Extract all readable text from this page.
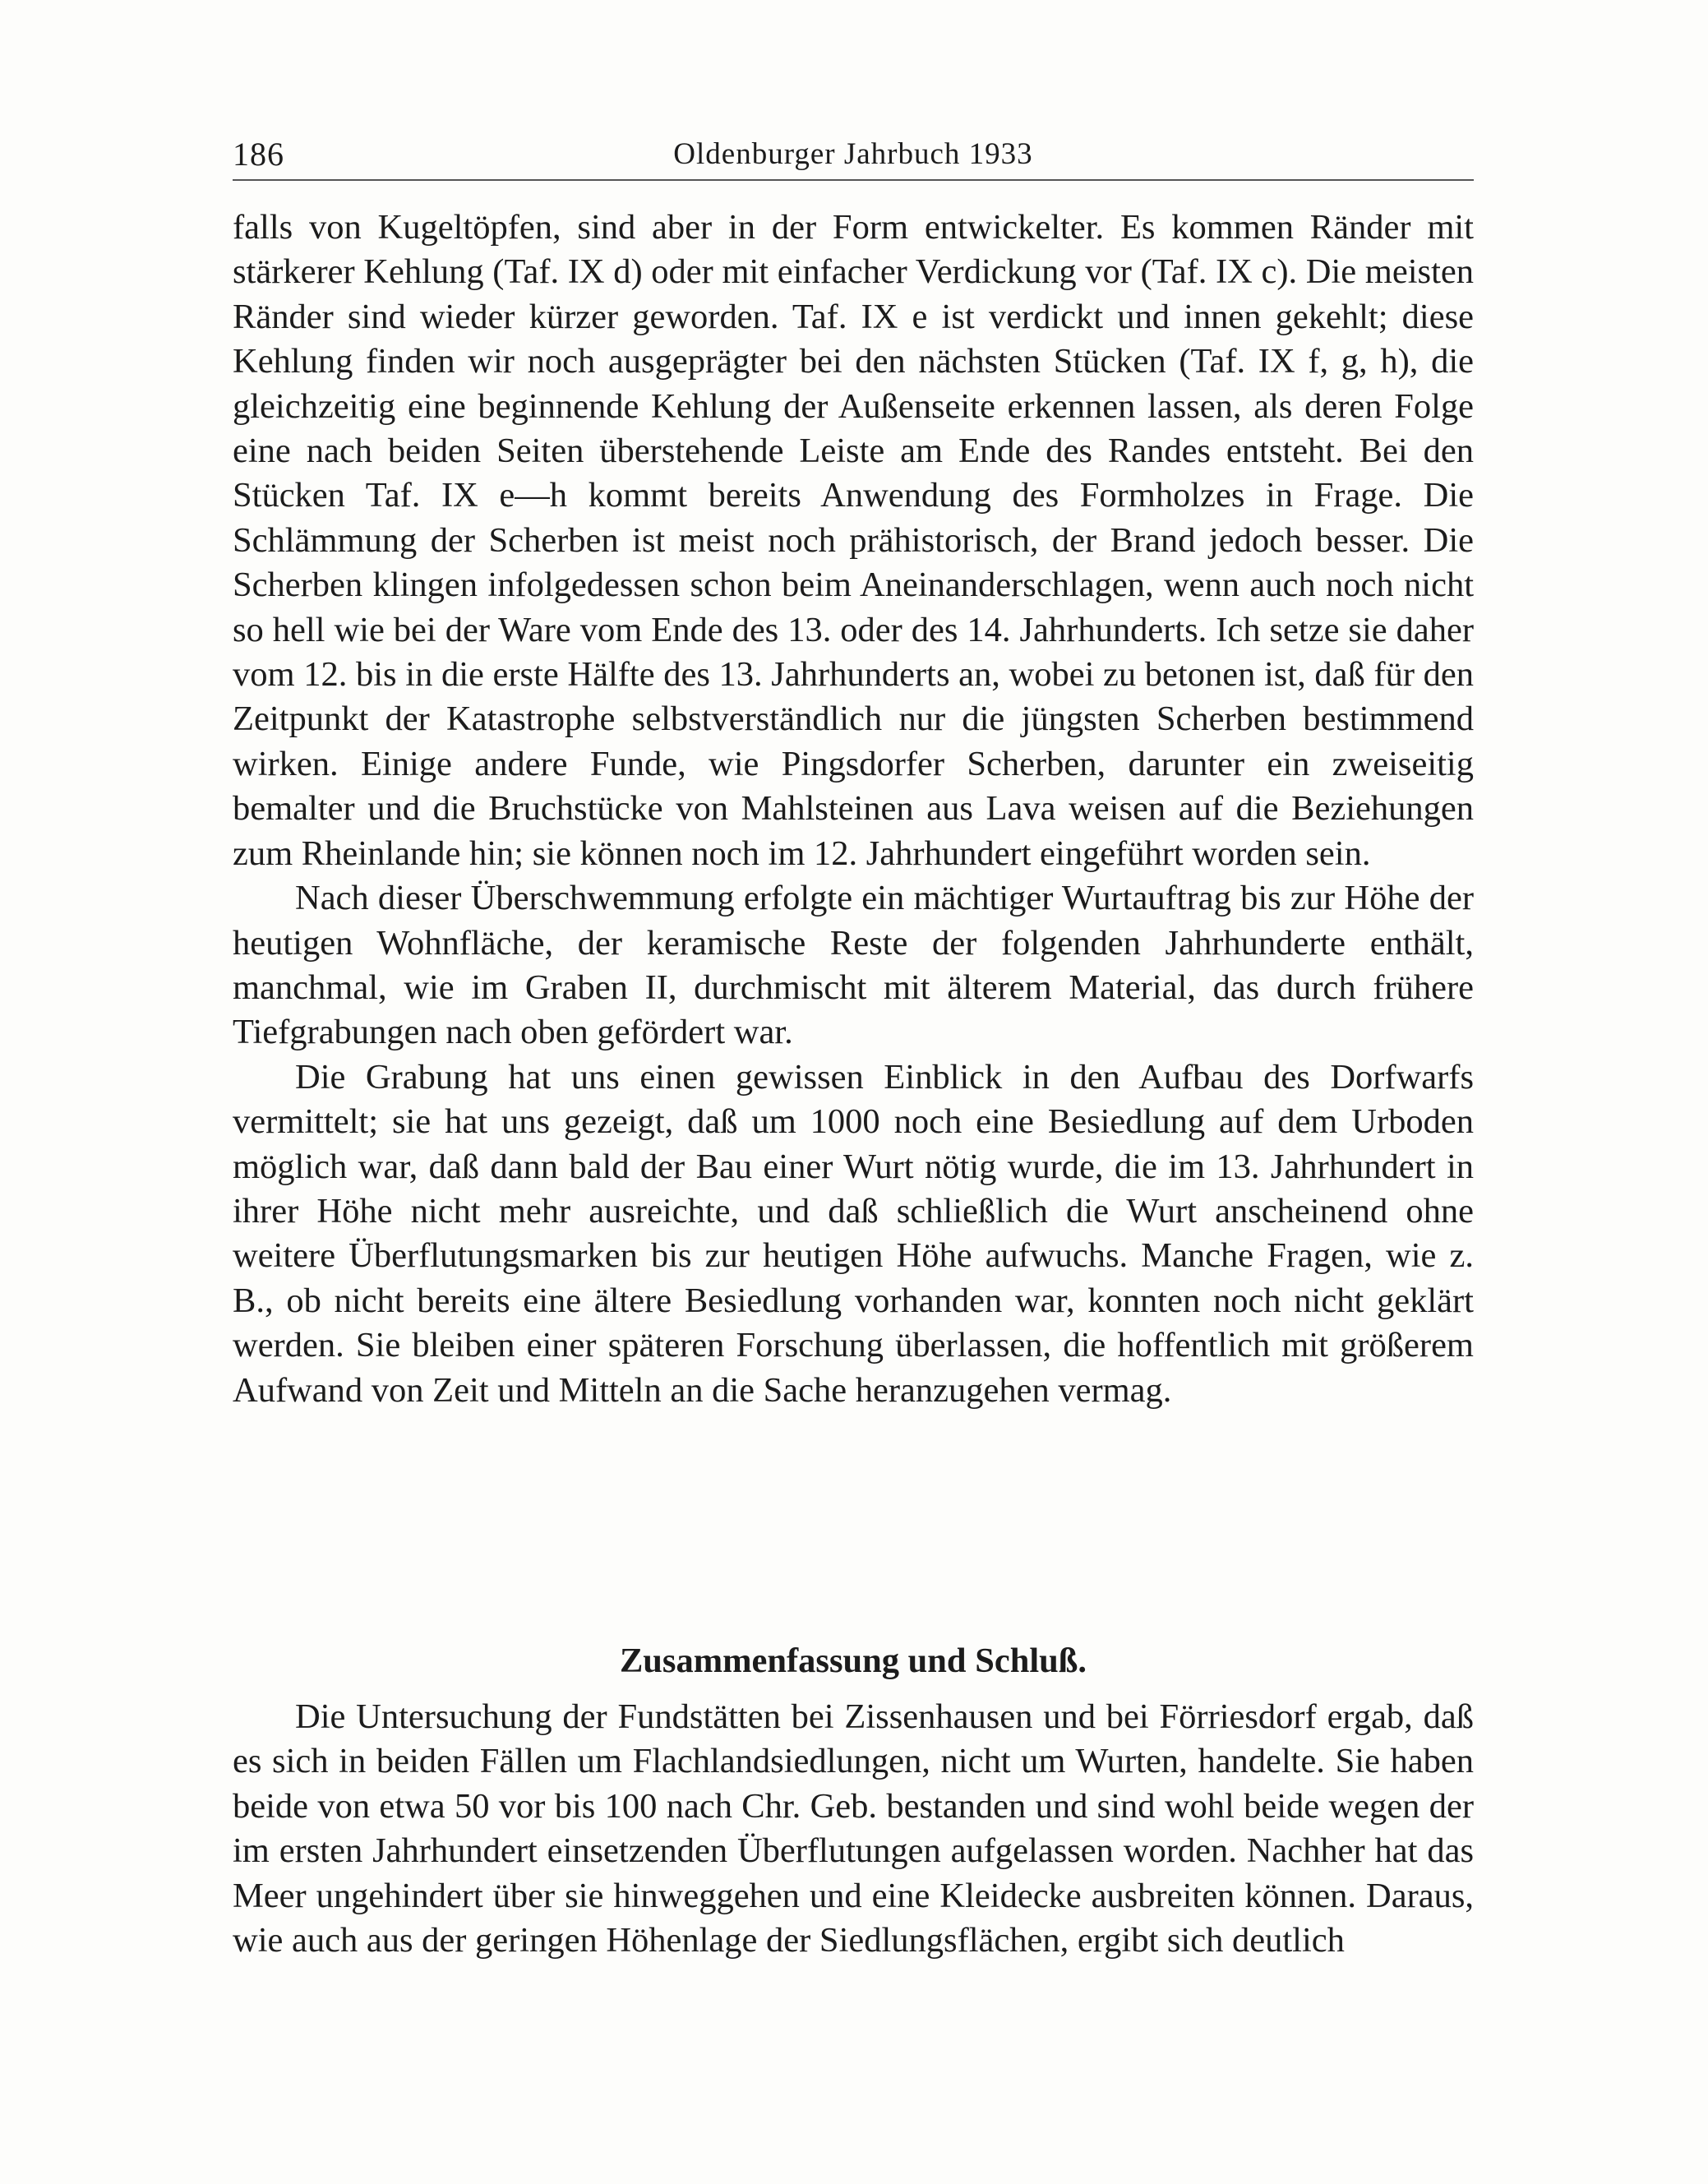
186	Oldenburger Jahrbuch 1933

falls von Kugeltöpfen, sind aber in der Form entwickelter. Es kommen Ränder mit stärkerer Kehlung (Taf. IX d) oder mit einfacher Verdickung vor (Taf. IX c). Die meisten Ränder sind wieder kürzer geworden. Taf. IX e ist verdickt und innen gekehlt; diese Kehlung finden wir noch ausgeprägter bei den nächsten Stücken (Taf. IX f, g, h), die gleichzeitig eine beginnende Kehlung der Außenseite erkennen lassen, als deren Folge eine nach beiden Seiten überstehende Leiste am Ende des Randes entsteht. Bei den Stücken Taf. IX e—h kommt bereits Anwendung des Formholzes in Frage. Die Schlämmung der Scherben ist meist noch prähistorisch, der Brand jedoch besser. Die Scherben klingen infolgedessen schon beim Aneinanderschlagen, wenn auch noch nicht so hell wie bei der Ware vom Ende des 13. oder des 14. Jahrhunderts. Ich setze sie daher vom 12. bis in die erste Hälfte des 13. Jahrhunderts an, wobei zu betonen ist, daß für den Zeitpunkt der Katastrophe selbstverständlich nur die jüngsten Scherben bestimmend wirken. Einige andere Funde, wie Pingsdorfer Scherben, darunter ein zweiseitig bemalter und die Bruchstücke von Mahlsteinen aus Lava weisen auf die Beziehungen zum Rheinlande hin; sie können noch im 12. Jahrhundert eingeführt worden sein.

Nach dieser Überschwemmung erfolgte ein mächtiger Wurtauftrag bis zur Höhe der heutigen Wohnfläche, der keramische Reste der folgenden Jahrhunderte enthält, manchmal, wie im Graben II, durchmischt mit älterem Material, das durch frühere Tiefgrabungen nach oben gefördert war.

Die Grabung hat uns einen gewissen Einblick in den Aufbau des Dorfwarfs vermittelt; sie hat uns gezeigt, daß um 1000 noch eine Besiedlung auf dem Urboden möglich war, daß dann bald der Bau einer Wurt nötig wurde, die im 13. Jahrhundert in ihrer Höhe nicht mehr ausreichte, und daß schließlich die Wurt anscheinend ohne weitere Überflutungsmarken bis zur heutigen Höhe aufwuchs. Manche Fragen, wie z. B., ob nicht bereits eine ältere Besiedlung vorhanden war, konnten noch nicht geklärt werden. Sie bleiben einer späteren Forschung überlassen, die hoffentlich mit größerem Aufwand von Zeit und Mitteln an die Sache heranzugehen vermag.

Zusammenfassung und Schluß.

Die Untersuchung der Fundstätten bei Zissenhausen und bei Förriesdorf ergab, daß es sich in beiden Fällen um Flachlandsiedlungen, nicht um Wurten, handelte. Sie haben beide von etwa 50 vor bis 100 nach Chr. Geb. bestanden und sind wohl beide wegen der im ersten Jahrhundert einsetzenden Überflutungen aufgelassen worden. Nachher hat das Meer ungehindert über sie hinweggehen und eine Kleidecke ausbreiten können. Daraus, wie auch aus der geringen Höhenlage der Siedlungsflächen, ergibt sich deutlich
